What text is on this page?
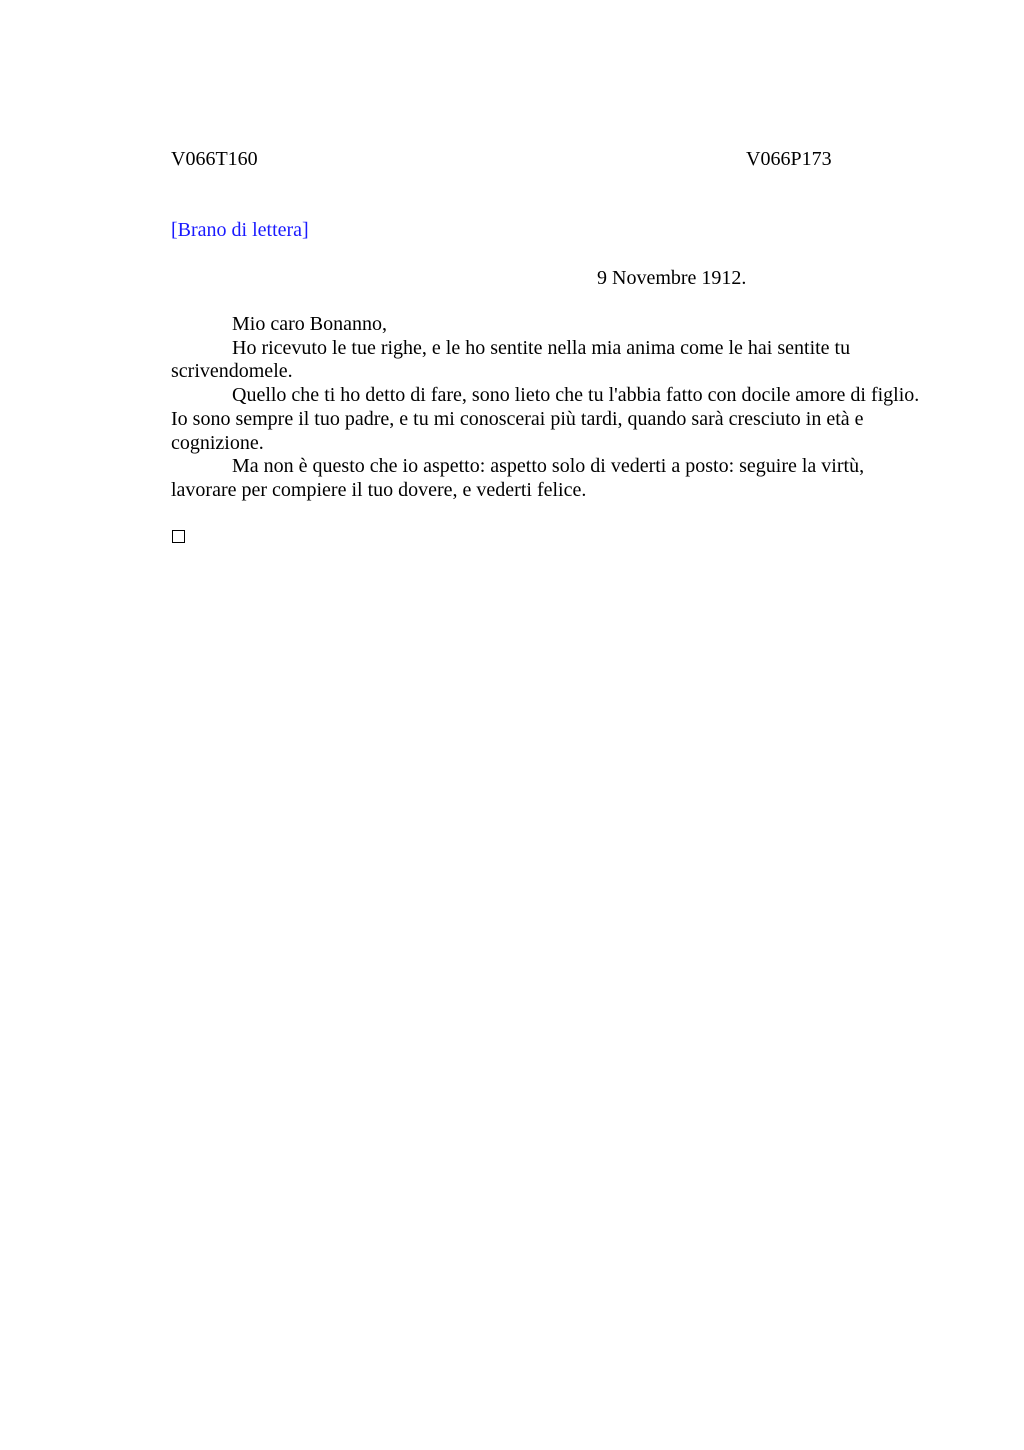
V066T160	V066P173
[Brano di lettera]
9 Novembre 1912.

Mio caro Bonanno,

Ho ricevuto le tue righe, e le ho sentite nella mia anima come le hai sentite tu scrivendomele.

Quello che ti ho detto di fare, sono lieto che tu l'abbia fatto con docile amore di figlio. Io sono sempre il tuo padre, e tu mi conoscerai più tardi, quando sarà cresciuto in età e cognizione.

Ma non è questo che io aspetto: aspetto solo di vederti a posto: seguire la virtù, lavorare per compiere il tuo dovere, e vederti felice.
